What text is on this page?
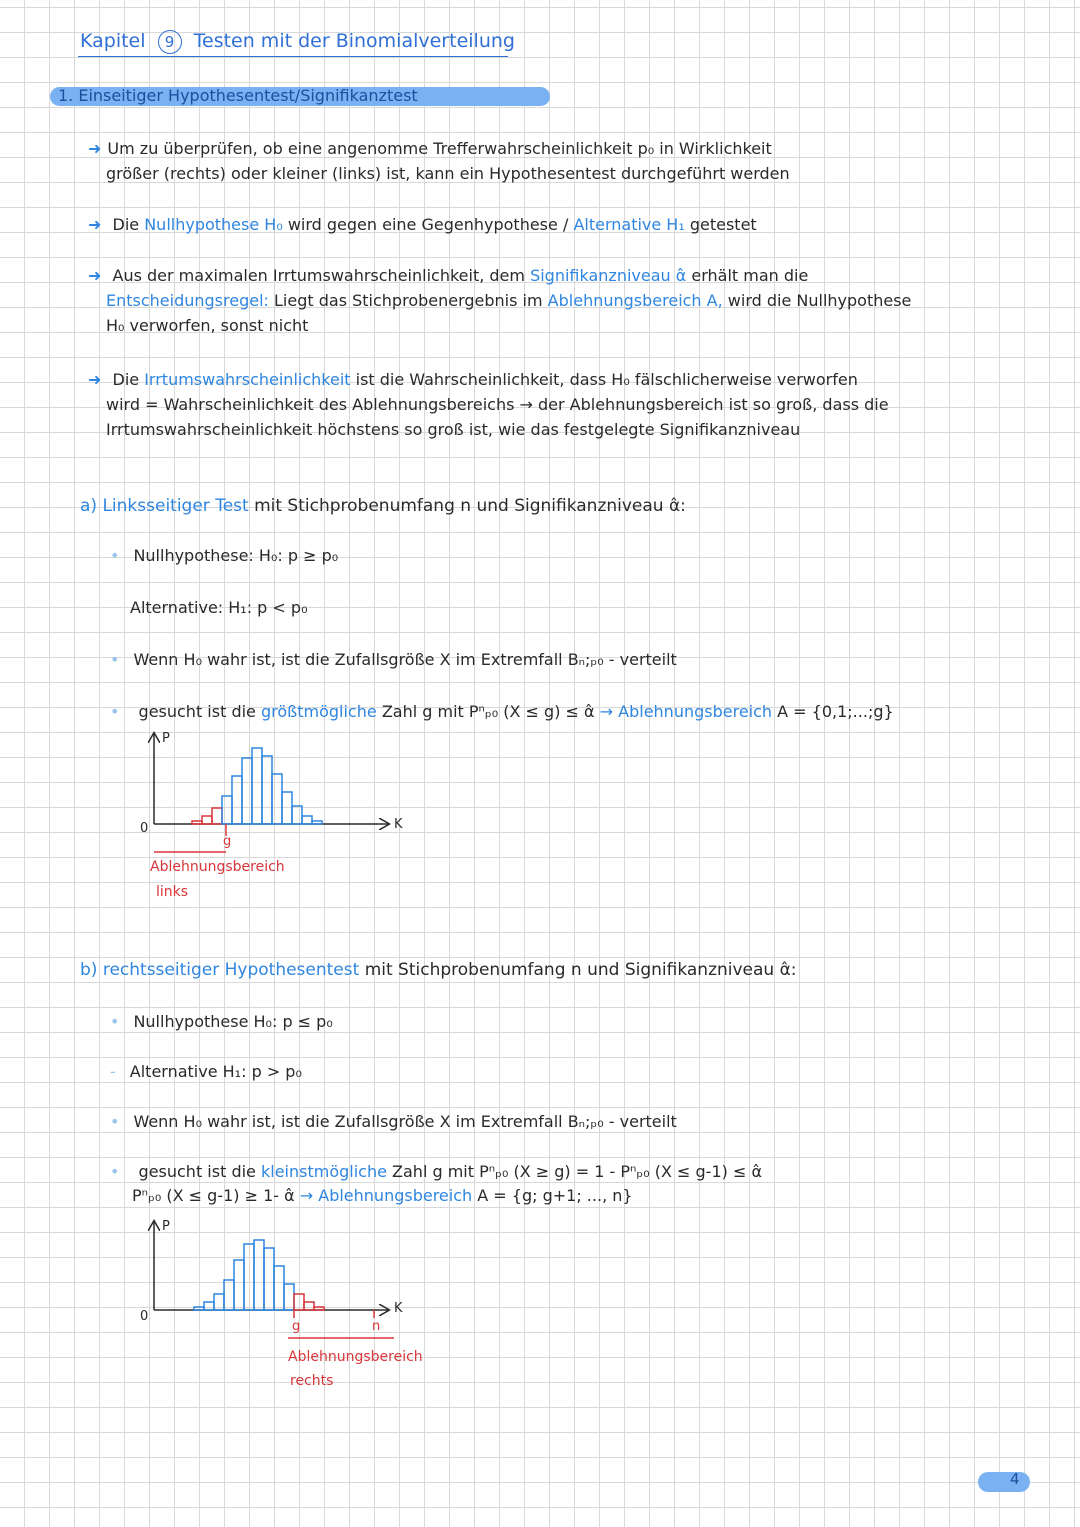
Kapitel 9 Testen mit der Binomialverteilung
1. Einseitiger Hypothesentest/Signifikanztest
➜ Um zu überprüfen, ob eine angenomme Trefferwahrscheinlichkeit p₀ in Wirklichkeit
größer (rechts) oder kleiner (links) ist, kann ein Hypothesentest durchgeführt werden
➜ Die Nullhypothese H₀ wird gegen eine Gegenhypothese / Alternative H₁ getestet
➜ Aus der maximalen Irrtumswahrscheinlichkeit, dem Signifikanzniveau α̂ erhält man die
Entscheidungsregel: Liegt das Stichprobenergebnis im Ablehnungsbereich A, wird die Nullhypothese
H₀ verworfen, sonst nicht
➜ Die Irrtumswahrscheinlichkeit ist die Wahrscheinlichkeit, dass H₀ fälschlicherweise verworfen
wird = Wahrscheinlichkeit des Ablehnungsbereichs → der Ablehnungsbereich ist so groß, dass die
Irrtumswahrscheinlichkeit höchstens so groß ist, wie das festgelegte Signifikanzniveau
a) Linksseitiger Test mit Stichprobenumfang n und Signifikanzniveau α̂:
• Nullhypothese: H₀: p ≥ p₀
Alternative: H₁: p < p₀
• Wenn H₀ wahr ist, ist die Zufallsgröße X im Extremfall Bₙ;ₚ₀ - verteilt
• gesucht ist die größtmögliche Zahl g mit Pⁿₚ₀ (X ≤ g) ≤ α̂ → Ablehnungsbereich A = {0,1;...;g}
P
K
0
g
Ablehnungsbereich
links
b) rechtsseitiger Hypothesentest mit Stichprobenumfang n und Signifikanzniveau α̂:
• Nullhypothese H₀: p ≤ p₀
- Alternative H₁: p > p₀
• Wenn H₀ wahr ist, ist die Zufallsgröße X im Extremfall Bₙ;ₚ₀ - verteilt
• gesucht ist die kleinstmögliche Zahl g mit Pⁿₚ₀ (X ≥ g) = 1 - Pⁿₚ₀ (X ≤ g-1) ≤ α̂
Pⁿₚ₀ (X ≤ g-1) ≥ 1- α̂ → Ablehnungsbereich A = {g; g+1; ..., n}
P
K
0
g	n
Ablehnungsbereich
rechts
4
